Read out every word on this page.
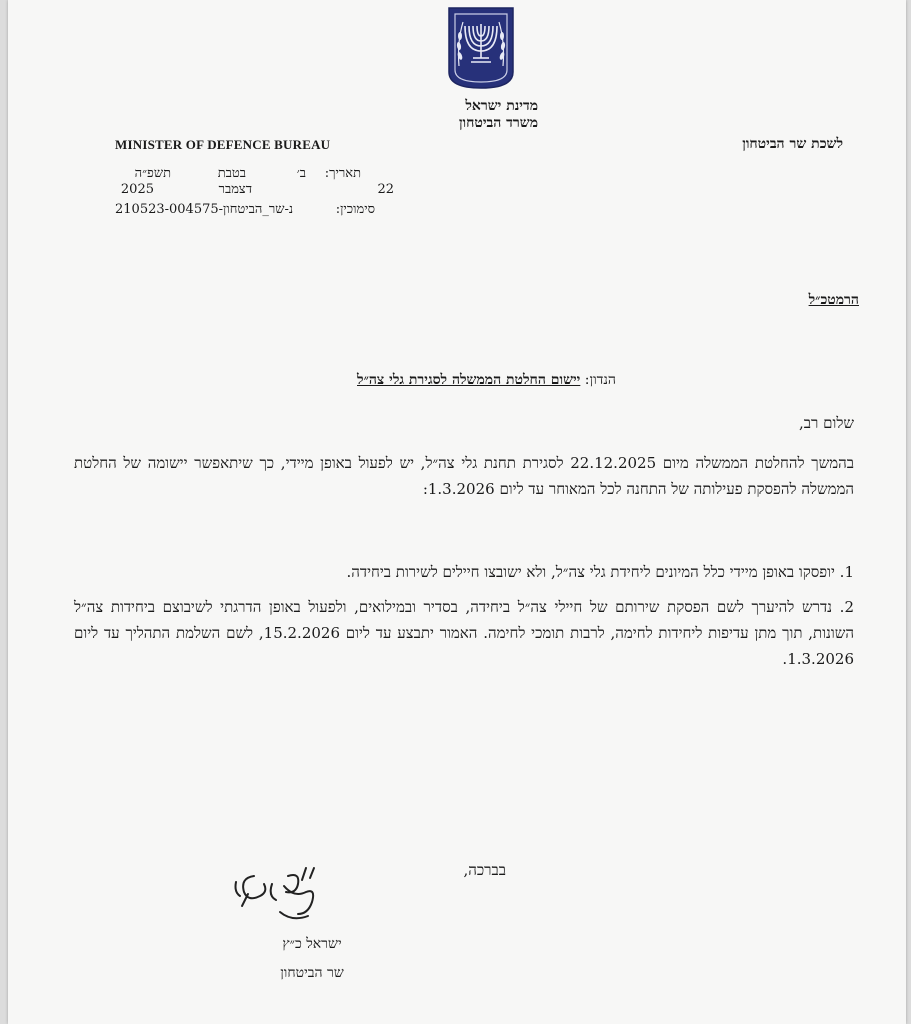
מדינת ישראל
משרד הביטחון
לשכת שר הביטחון
MINISTER OF DEFENCE BUREAU
תאריך:
ב׳
בטבת
תשפ״ה
22
דצמבר
2025
סימוכין:
נ-שר_הביטחון-210523-004575
הרמטכ״ל
הנדון: יישום החלטת הממשלה לסגירת גלי צה״ל
שלום רב,
בהמשך להחלטת הממשלה מיום 22.12.2025 לסגירת תחנת גלי צה״ל, יש לפעול באופן מיידי, כך שיתאפשר יישומה של החלטת הממשלה להפסקת פעילותה של התחנה לכל המאוחר עד ליום 1.3.2026:
1. יופסקו באופן מיידי כלל המיונים ליחידת גלי צה״ל, ולא ישובצו חיילים לשירות ביחידה.
2. נדרש להיערך לשם הפסקת שירותם של חיילי צה״ל ביחידה, בסדיר ובמילואים, ולפעול באופן הדרגתי לשיבוצם ביחידות צה״ל השונות, תוך מתן עדיפות ליחידות לחימה, לרבות תומכי לחימה. האמור יתבצע עד ליום 15.2.2026, לשם השלמת התהליך עד ליום 1.3.2026.
בברכה,
ישראל כ״ץ
שר הביטחון
